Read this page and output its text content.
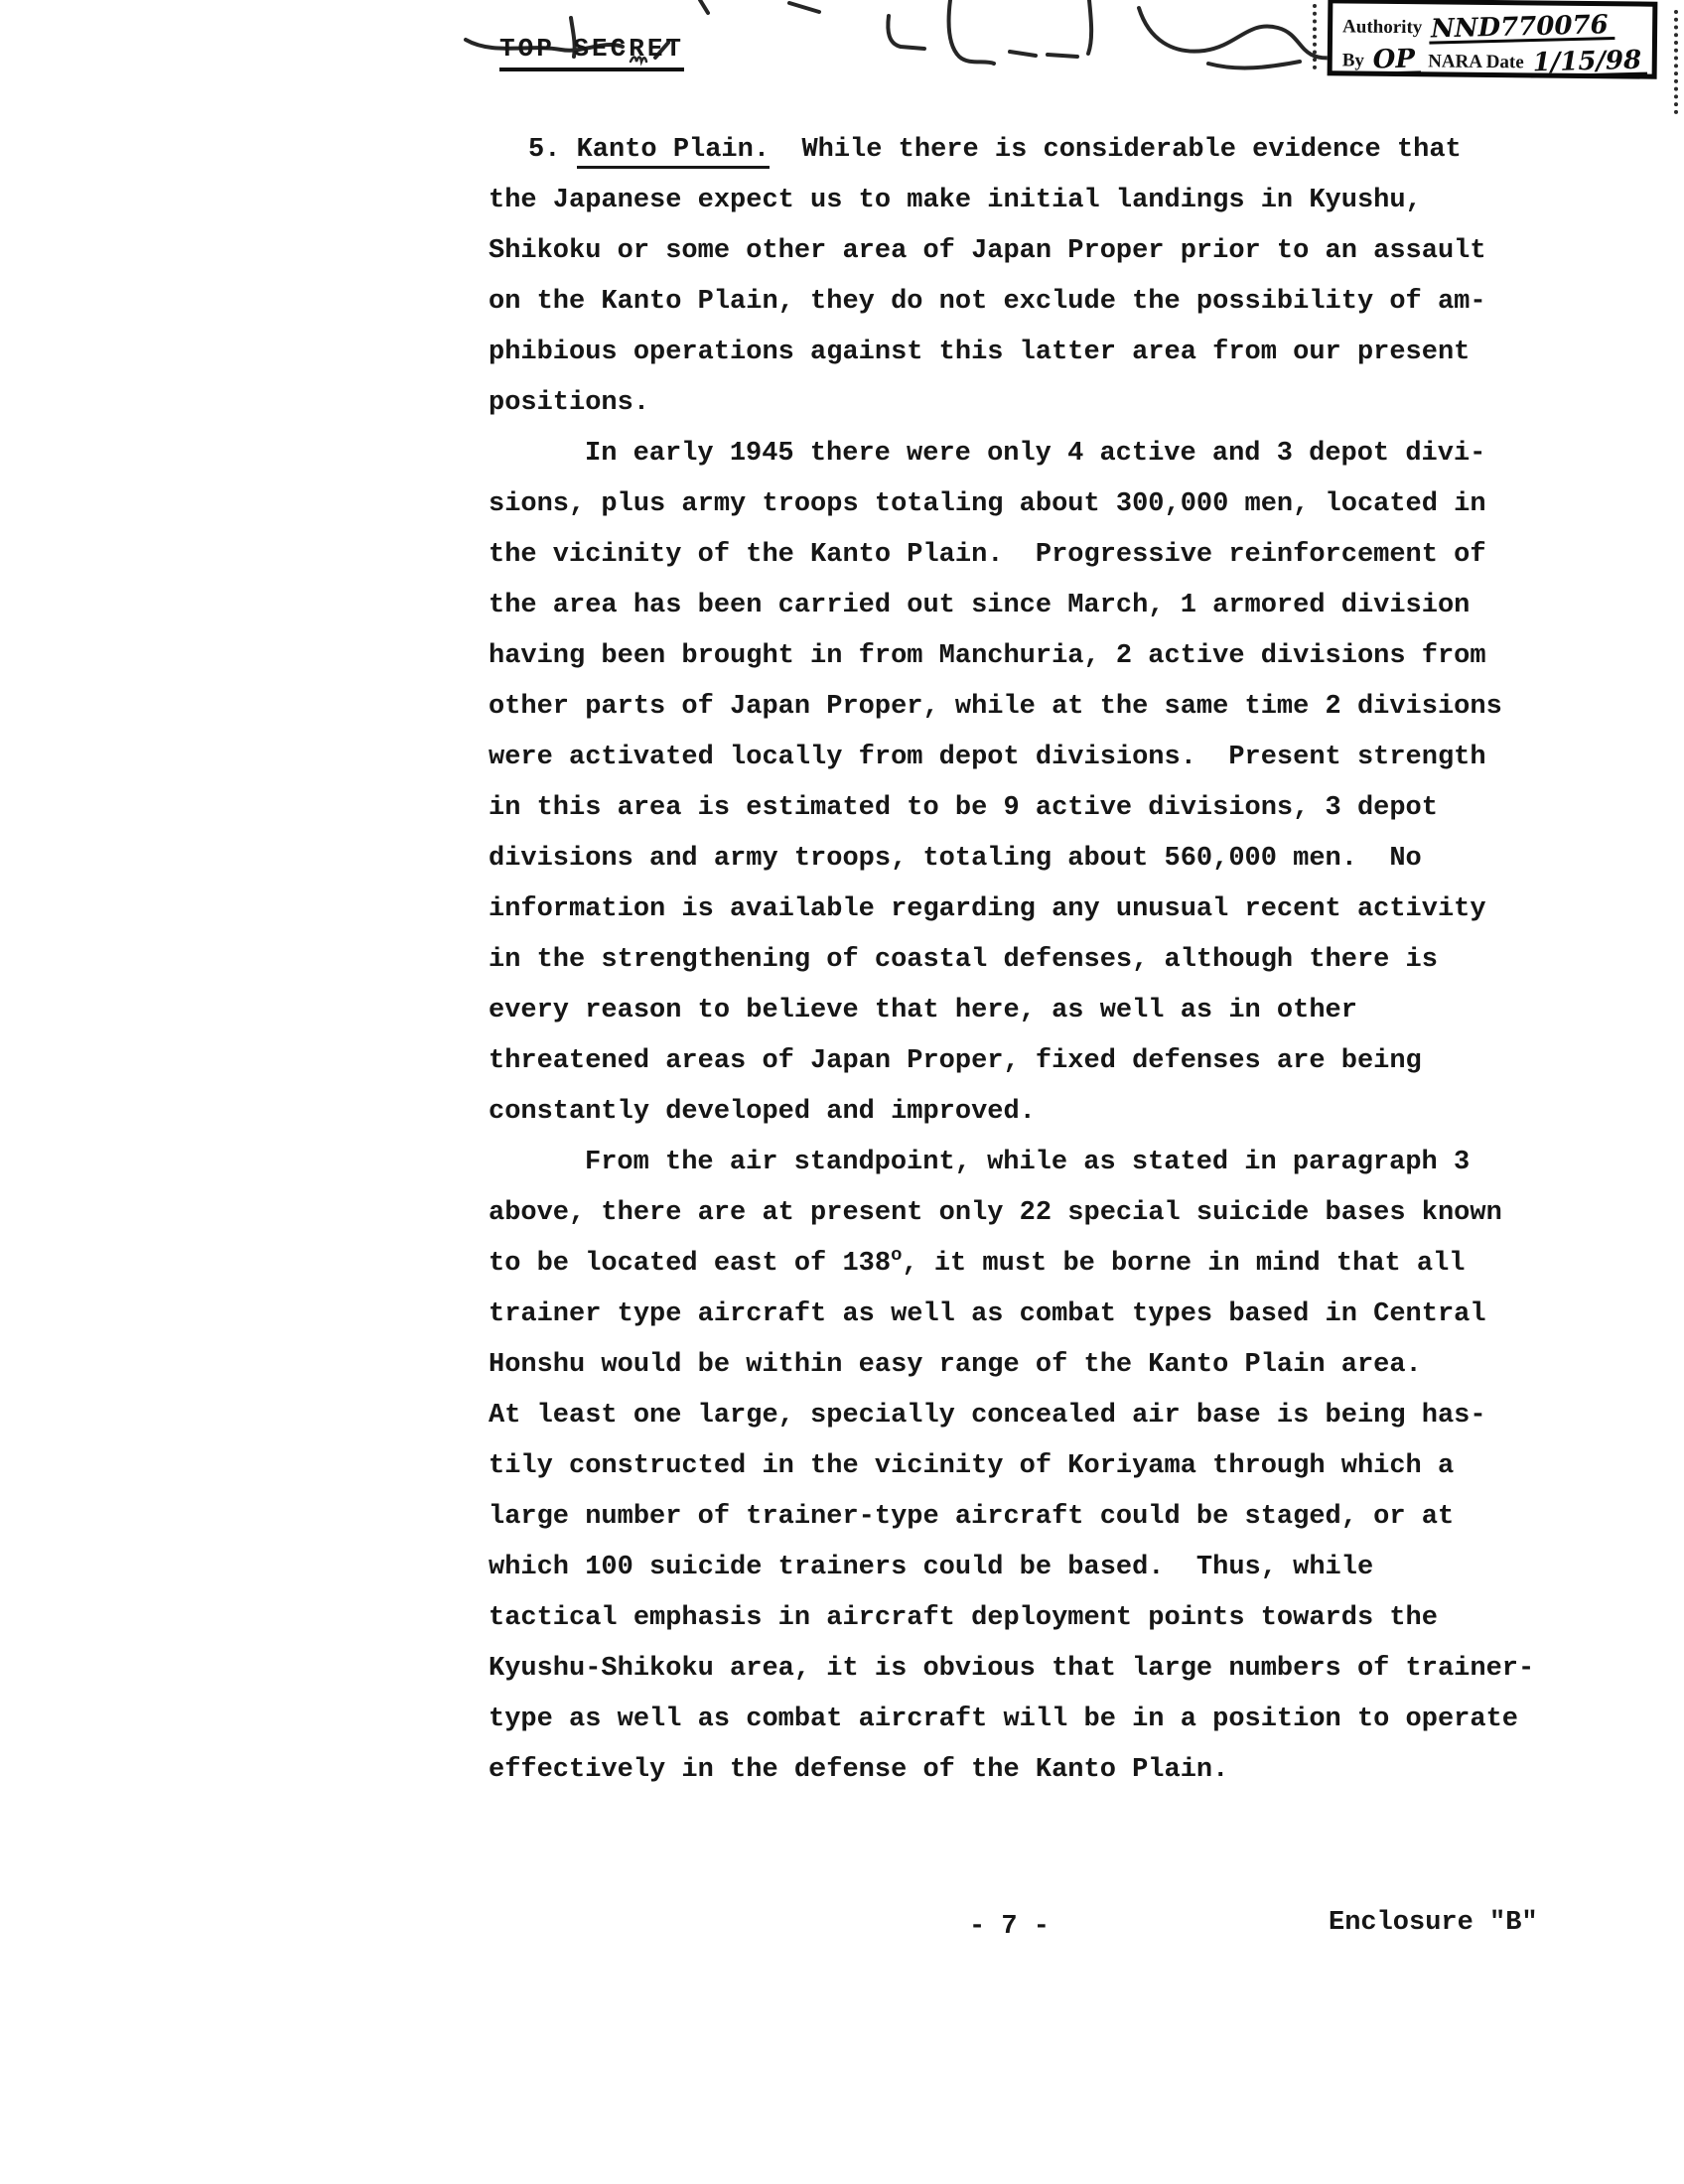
TOP SECRET
Authority NND770076
By OP NARA Date 1/15/98
5. Kanto Plain.  While there is considerable evidence that
the Japanese expect us to make initial landings in Kyushu,
Shikoku or some other area of Japan Proper prior to an assault
on the Kanto Plain, they do not exclude the possibility of am-
phibious operations against this latter area from our present
positions.
In early 1945 there were only 4 active and 3 depot divi-
sions, plus army troops totaling about 300,000 men, located in
the vicinity of the Kanto Plain.  Progressive reinforcement of
the area has been carried out since March, 1 armored division
having been brought in from Manchuria, 2 active divisions from
other parts of Japan Proper, while at the same time 2 divisions
were activated locally from depot divisions.  Present strength
in this area is estimated to be 9 active divisions, 3 depot
divisions and army troops, totaling about 560,000 men.  No
information is available regarding any unusual recent activity
in the strengthening of coastal defenses, although there is
every reason to believe that here, as well as in other
threatened areas of Japan Proper, fixed defenses are being
constantly developed and improved.
From the air standpoint, while as stated in paragraph 3
above, there are at present only 22 special suicide bases known
to be located east of 138$^o$, it must be borne in mind that all
trainer type aircraft as well as combat types based in Central
Honshu would be within easy range of the Kanto Plain area.
At least one large, specially concealed air base is being has-
tily constructed in the vicinity of Koriyama through which a
large number of trainer-type aircraft could be staged, or at
which 100 suicide trainers could be based.  Thus, while
tactical emphasis in aircraft deployment points towards the
Kyushu-Shikoku area, it is obvious that large numbers of trainer-
type as well as combat aircraft will be in a position to operate
effectively in the defense of the Kanto Plain.
- 7 -	Enclosure "B"
